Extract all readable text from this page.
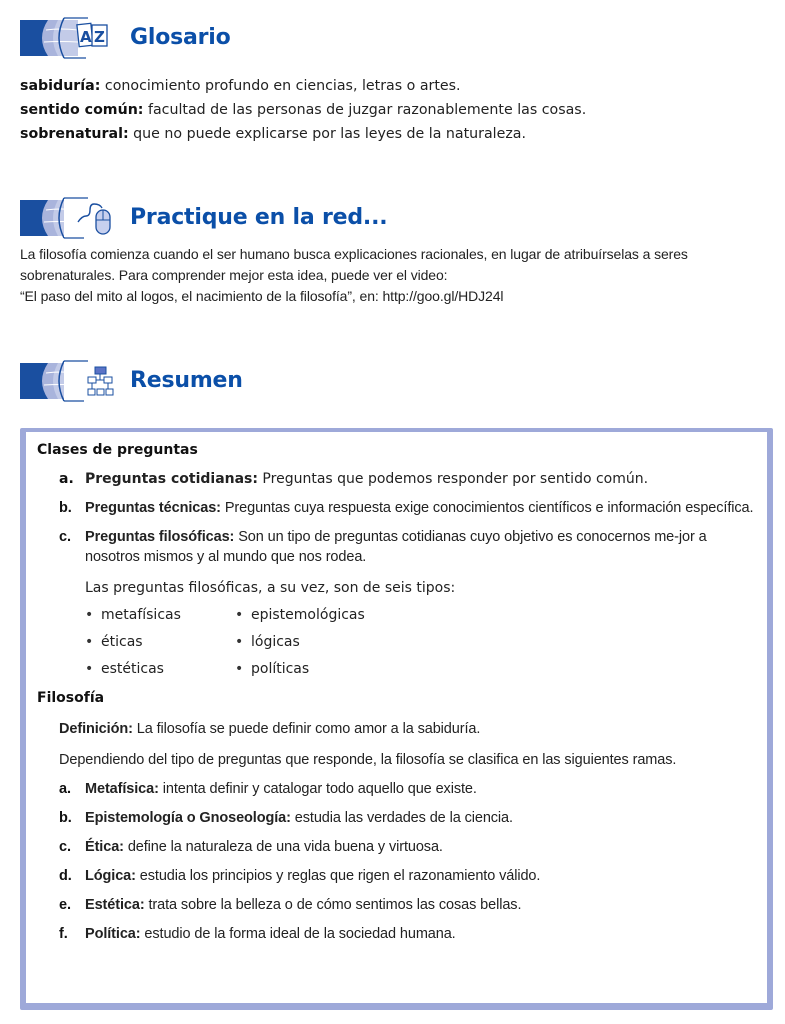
A Z Glosario
sabiduría: conocimiento profundo en ciencias, letras o artes.
sentido común: facultad de las personas de juzgar razonablemente las cosas.
sobrenatural: que no puede explicarse por las leyes de la naturaleza.
Practique en la red...

La filosofía comienza cuando el ser humano busca explicaciones racionales, en lugar de atribuírselas a seres sobrenaturales. Para comprender mejor esta idea, puede ver el video:

“El paso del mito al logos, el nacimiento de la filosofía”, en: http://goo.gl/HDJ24l

Resumen
Clases de preguntas
a. Preguntas cotidianas: Preguntas que podemos responder por sentido común.
b. Preguntas técnicas: Preguntas cuya respuesta exige conocimientos científicos e información específica.
c. Preguntas filosóficas: Son un tipo de preguntas cotidianas cuyo objetivo es conocernos me-jor a nosotros mismos y al mundo que nos rodea.
Las preguntas filosóficas, a su vez, son de seis tipos:
• metafísicas	• epistemológicas
• éticas	• lógicas
• estéticas	• políticas
Filosofía
Definición: La filosofía se puede definir como amor a la sabiduría.
Dependiendo del tipo de preguntas que responde, la filosofía se clasifica en las siguientes ramas.
a. Metafísica: intenta definir y catalogar todo aquello que existe.
b. Epistemología o Gnoseología: estudia las verdades de la ciencia.
c. Ética: define la naturaleza de una vida buena y virtuosa.
d. Lógica: estudia los principios y reglas que rigen el razonamiento válido.
e. Estética: trata sobre la belleza o de cómo sentimos las cosas bellas.
f. Política: estudio de la forma ideal de la sociedad humana.
